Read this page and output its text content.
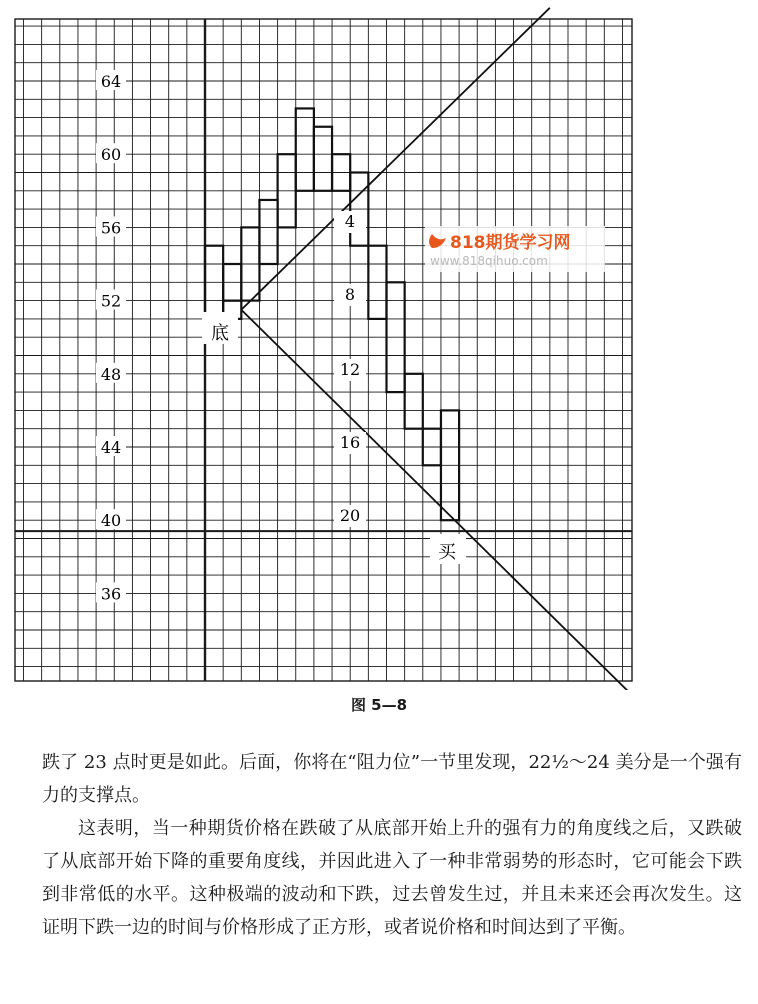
64
60
56
52
48
44
40
36
4
8
12
16
20
底
买
818期货学习网
www.818qihuo.com
图 5—8

跌了 23 点时更是如此。后面，你将在“阻力位”一节里发现，22½～24 美分是一个强有力的支撑点。

这表明，当一种期货价格在跌破了从底部开始上升的强有力的角度线之后，又跌破了从底部开始下降的重要角度线，并因此进入了一种非常弱势的形态时，它可能会下跌到非常低的水平。这种极端的波动和下跌，过去曾发生过，并且未来还会再次发生。这证明下跌一边的时间与价格形成了正方形，或者说价格和时间达到了平衡。
